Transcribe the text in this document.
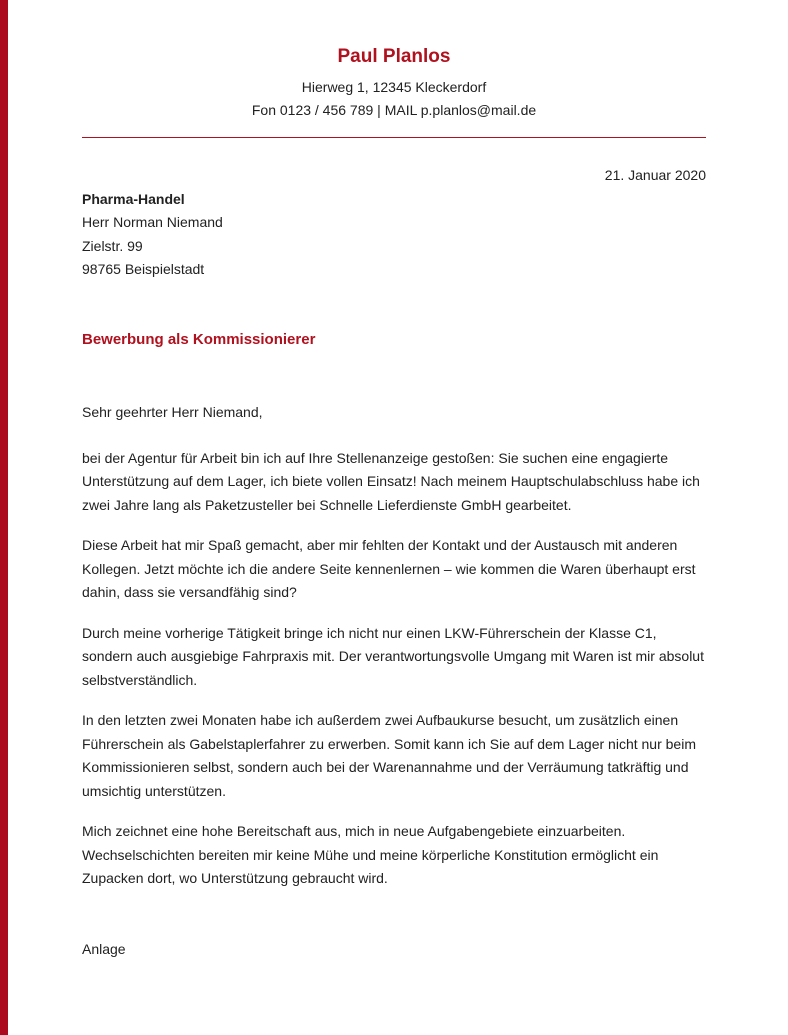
Paul Planlos
Hierweg 1, 12345 Kleckerdorf
Fon 0123 / 456 789 | MAIL p.planlos@mail.de
21. Januar 2020
Pharma-Handel
Herr Norman Niemand
Zielstr. 99
98765 Beispielstadt
Bewerbung als Kommissionierer

Sehr geehrter Herr Niemand,

bei der Agentur für Arbeit bin ich auf Ihre Stellenanzeige gestoßen: Sie suchen eine engagierte Unterstützung auf dem Lager, ich biete vollen Einsatz! Nach meinem Hauptschulabschluss habe ich zwei Jahre lang als Paketzusteller bei Schnelle Lieferdienste GmbH gearbeitet.

Diese Arbeit hat mir Spaß gemacht, aber mir fehlten der Kontakt und der Austausch mit anderen Kollegen. Jetzt möchte ich die andere Seite kennenlernen – wie kommen die Waren überhaupt erst dahin, dass sie versandfähig sind?

Durch meine vorherige Tätigkeit bringe ich nicht nur einen LKW-Führerschein der Klasse C1, sondern auch ausgiebige Fahrpraxis mit. Der verantwortungsvolle Umgang mit Waren ist mir absolut selbstverständlich.

In den letzten zwei Monaten habe ich außerdem zwei Aufbaukurse besucht, um zusätzlich einen Führerschein als Gabelstaplerfahrer zu erwerben. Somit kann ich Sie auf dem Lager nicht nur beim Kommissionieren selbst, sondern auch bei der Warenannahme und der Verräumung tatkräftig und umsichtig unterstützen.

Mich zeichnet eine hohe Bereitschaft aus, mich in neue Aufgabengebiete einzuarbeiten. Wechselschichten bereiten mir keine Mühe und meine körperliche Konstitution ermöglicht ein Zupacken dort, wo Unterstützung gebraucht wird.

Anlage
